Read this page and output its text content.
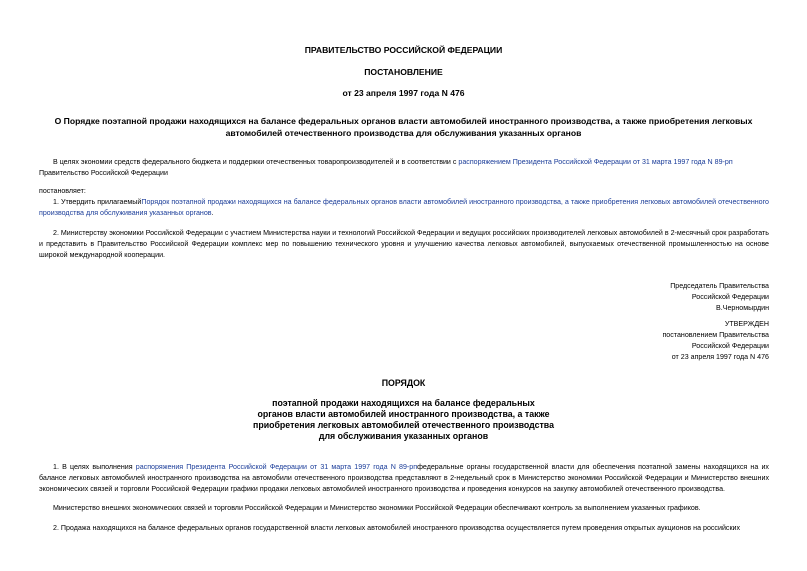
ПРАВИТЕЛЬСТВО РОССИЙСКОЙ ФЕДЕРАЦИИ
ПОСТАНОВЛЕНИЕ
от 23 апреля 1997 года N 476
О Порядке поэтапной продажи находящихся на балансе федеральных органов власти автомобилей иностранного производства, а также приобретения легковых
автомобилей отечественного производства для обслуживания указанных органов
В целях экономии средств федерального бюджета и поддержки отечественных товаропроизводителей и в соответствии с распоряжением Президента Российской Федерации от 31 марта 1997 года N 89-рп
Правительство Российской Федерации
постановляет:
1. Утвердить прилагаемыйПорядок поэтапной продажи находящихся на балансе федеральных органов власти автомобилей иностранного производства, а также приобретения легковых автомобилей отечественного производства для обслуживания указанных органов.
2. Министерству экономики Российской Федерации с участием Министерства науки и технологий Российской Федерации и ведущих российских производителей легковых автомобилей в 2-месячный срок разработать и представить в Правительство Российской Федерации комплекс мер по повышению технического уровня и улучшению качества легковых автомобилей, выпускаемых отечественной промышленностью на основе широкой международной кооперации.
Председатель Правительства
Российской Федерации
В.Черномырдин
УТВЕРЖДЕН
постановлением Правительства
Российской Федерации
от 23 апреля 1997 года N 476
ПОРЯДОК
поэтапной продажи находящихся на балансе федеральных
органов власти автомобилей иностранного производства, а также
приобретения легковых автомобилей отечественного производства
для обслуживания указанных органов
1. В целях выполнения распоряжения Президента Российской Федерации от 31 марта 1997 года N 89-рпфедеральные органы государственной власти для обеспечения поэтапной замены находящихся на их балансе легковых автомобилей иностранного производства на автомобили отечественного производства представляют в 2-недельный срок в Министерство экономики Российской Федерации и Министерство внешних экономических связей и торговли Российской Федерации графики продажи легковых автомобилей иностранного производства и проведения конкурсов на закупку автомобилей отечественного производства.
Министерство внешних экономических связей и торговли Российской Федерации и Министерство экономики Российской Федерации обеспечивают контроль за выполнением указанных графиков.
2. Продажа находящихся на балансе федеральных органов государственной власти легковых автомобилей иностранного производства осуществляется путем проведения открытых аукционов на российских
